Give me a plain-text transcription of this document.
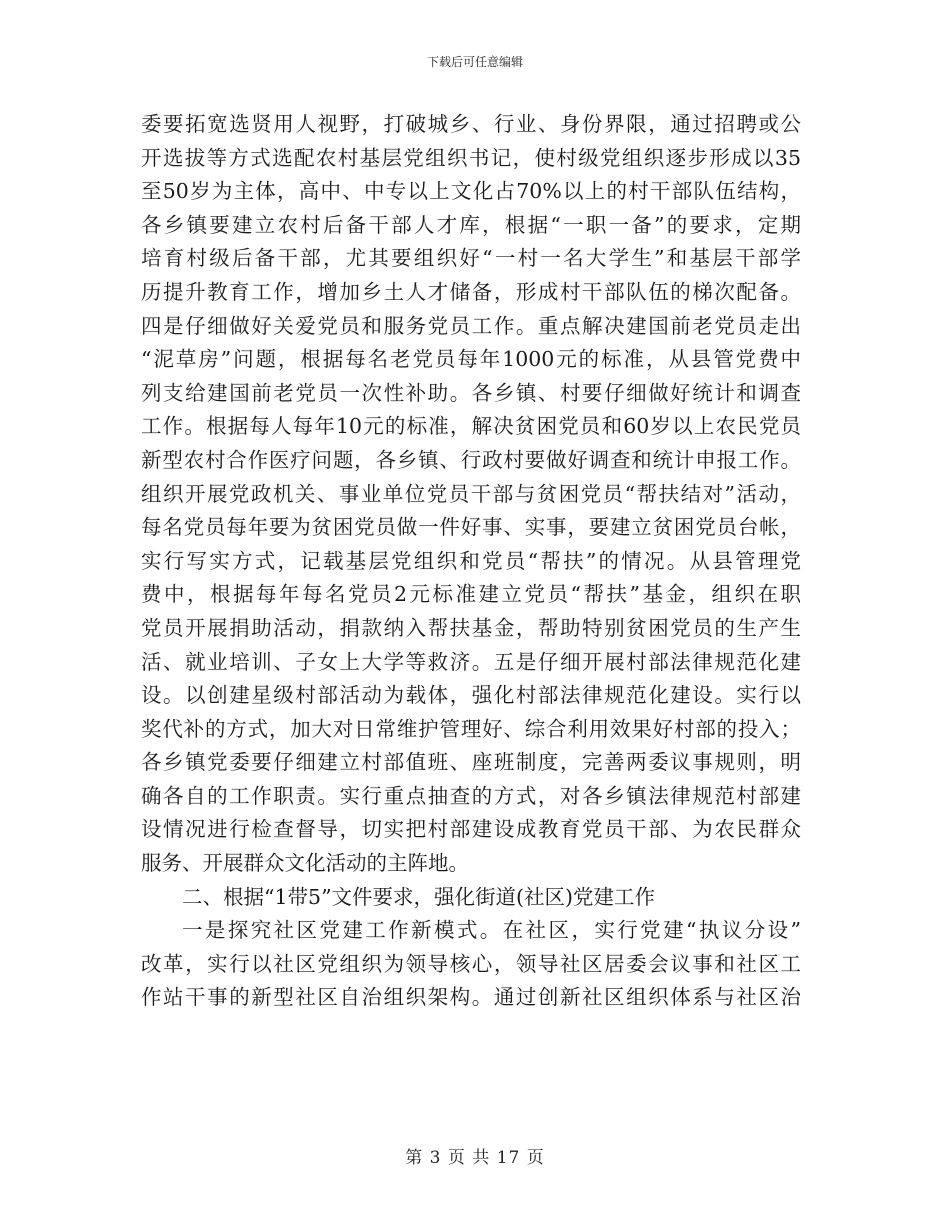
下载后可任意编辑
委要拓宽选贤用人视野，打破城乡、行业、身份界限，通过招聘或公
开选拔等方式选配农村基层党组织书记，使村级党组织逐步形成以35
至50岁为主体，高中、中专以上文化占70%以上的村干部队伍结构，
各乡镇要建立农村后备干部人才库，根据“一职一备”的要求，定期
培育村级后备干部，尤其要组织好“一村一名大学生”和基层干部学
历提升教育工作，增加乡土人才储备，形成村干部队伍的梯次配备。
四是仔细做好关爱党员和服务党员工作。重点解决建国前老党员走出
“泥草房”问题，根据每名老党员每年1000元的标准，从县管党费中
列支给建国前老党员一次性补助。各乡镇、村要仔细做好统计和调查
工作。根据每人每年10元的标准，解决贫困党员和60岁以上农民党员
新型农村合作医疗问题，各乡镇、行政村要做好调查和统计申报工作。
组织开展党政机关、事业单位党员干部与贫困党员“帮扶结对”活动，
每名党员每年要为贫困党员做一件好事、实事，要建立贫困党员台帐，
实行写实方式，记载基层党组织和党员“帮扶”的情况。从县管理党
费中，根据每年每名党员2元标准建立党员“帮扶”基金，组织在职
党员开展捐助活动，捐款纳入帮扶基金，帮助特别贫困党员的生产生
活、就业培训、子女上大学等救济。五是仔细开展村部法律规范化建
设。以创建星级村部活动为载体，强化村部法律规范化建设。实行以
奖代补的方式，加大对日常维护管理好、综合利用效果好村部的投入；
各乡镇党委要仔细建立村部值班、座班制度，完善两委议事规则，明
确各自的工作职责。实行重点抽查的方式，对各乡镇法律规范村部建
设情况进行检查督导，切实把村部建设成教育党员干部、为农民群众
服务、开展群众文化活动的主阵地。
二、根据“1带5”文件要求，强化街道(社区)党建工作
一是探究社区党建工作新模式。在社区，实行党建“执议分设”
改革，实行以社区党组织为领导核心，领导社区居委会议事和社区工
作站干事的新型社区自治组织架构。通过创新社区组织体系与社区治
第 3 页 共 17 页
